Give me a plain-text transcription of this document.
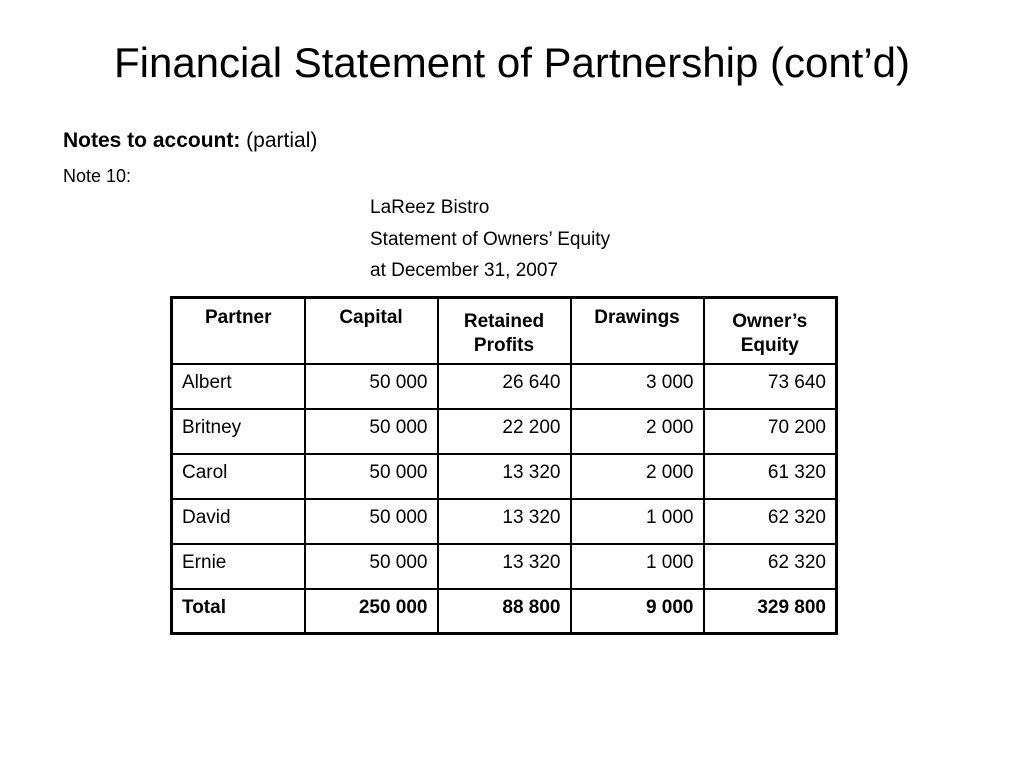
Financial Statement of Partnership (cont’d)
Notes to account: (partial)
Note 10:
LaReez Bistro
Statement of Owners’ Equity
at December 31, 2007
Partner	Capital	Retained Profits	Drawings	Owner’s Equity
Albert	50 000	26 640	3 000	73 640
Britney	50 000	22 200	2 000	70 200
Carol	50 000	13 320	2 000	61 320
David	50 000	13 320	1 000	62 320
Ernie	50 000	13 320	1 000	62 320
Total	250 000	88 800	9 000	329 800
